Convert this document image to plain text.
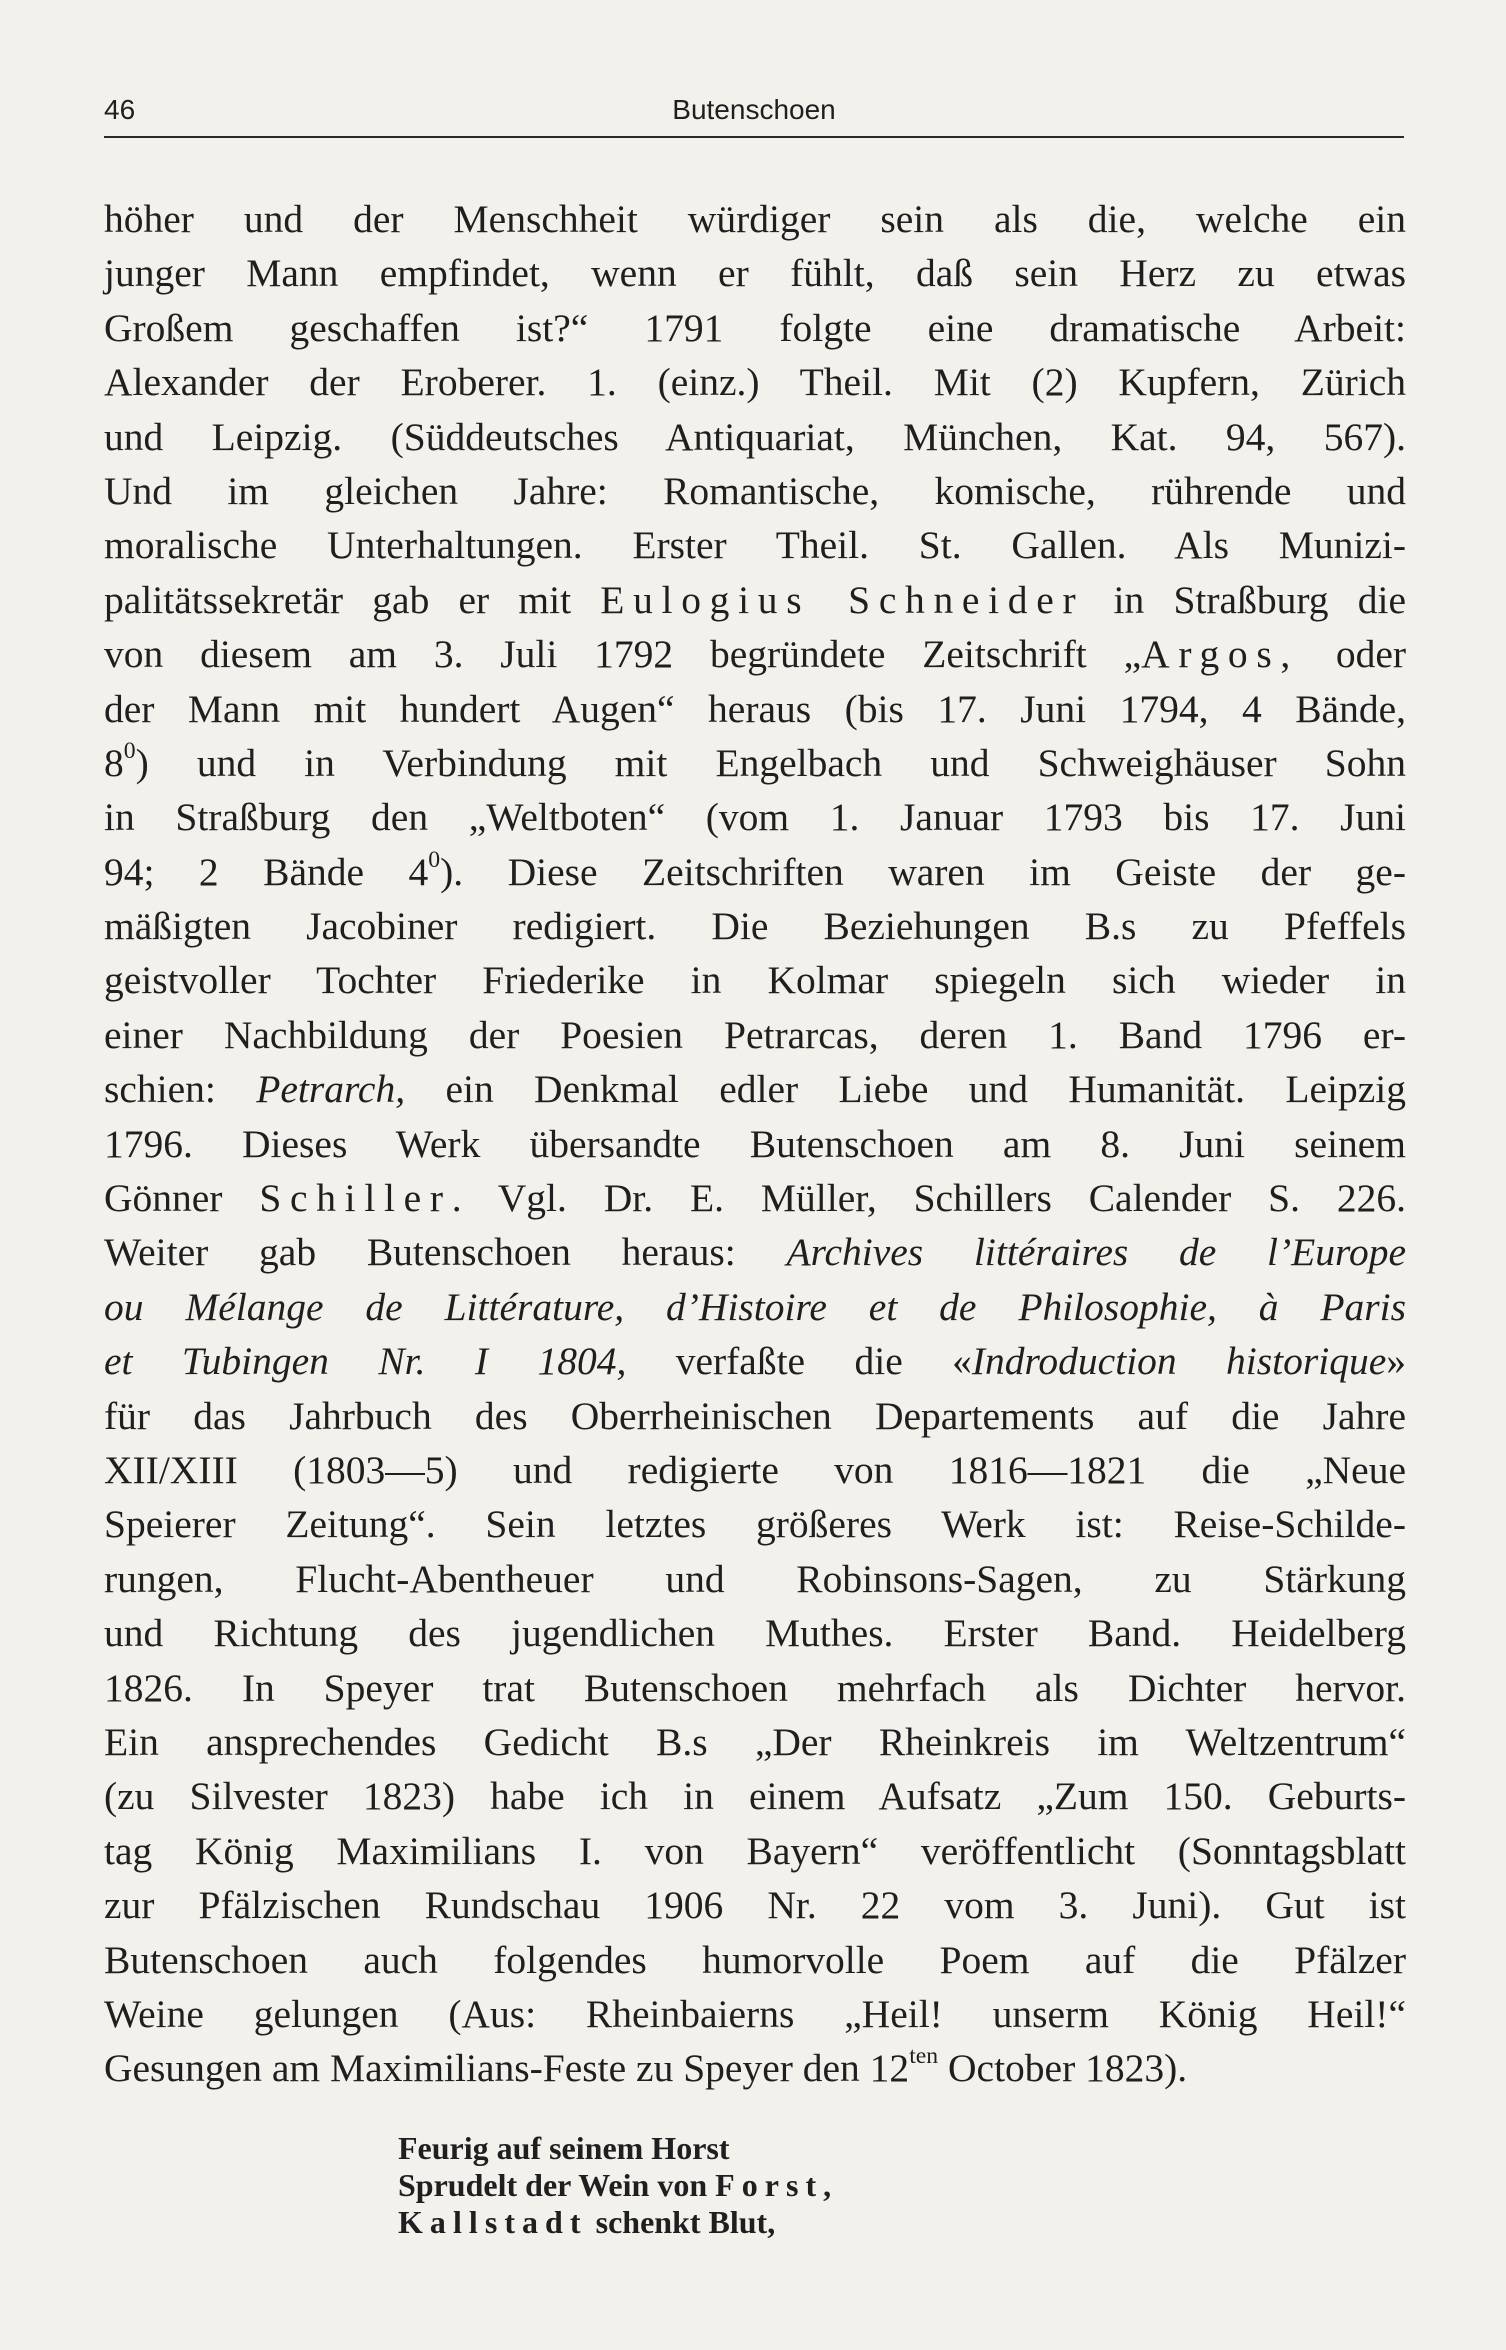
46	Butenschoen
höher und der Menschheit würdiger sein als die, welche ein
junger Mann empfindet, wenn er fühlt, daß sein Herz zu etwas
Großem geschaffen ist?“ 1791 folgte eine dramatische Arbeit:
Alexander der Eroberer. 1. (einz.) Theil. Mit (2) Kupfern, Zürich
und Leipzig. (Süddeutsches Antiquariat, München, Kat. 94, 567).
Und im gleichen Jahre: Romantische, komische, rührende und
moralische Unterhaltungen. Erster Theil. St. Gallen. Als Munizi-
palitätssekretär gab er mit Eulogius Schneider in Straßburg die
von diesem am 3. Juli 1792 begründete Zeitschrift „Argos, oder
der Mann mit hundert Augen“ heraus (bis 17. Juni 1794, 4 Bände,
$8^0$) und in Verbindung mit Engelbach und Schweighäuser Sohn
in Straßburg den „Weltboten“ (vom 1. Januar 1793 bis 17. Juni
94; 2 Bände $4^0$). Diese Zeitschriften waren im Geiste der ge-
mäßigten Jacobiner redigiert. Die Beziehungen B.s zu Pfeffels
geistvoller Tochter Friederike in Kolmar spiegeln sich wieder in
einer Nachbildung der Poesien Petrarcas, deren 1. Band 1796 er-
schien: Petrarch, ein Denkmal edler Liebe und Humanität. Leipzig
1796. Dieses Werk übersandte Butenschoen am 8. Juni seinem
Gönner Schiller. Vgl. Dr. E. Müller, Schillers Calender S. 226.
Weiter gab Butenschoen heraus: Archives littéraires de l’Europe
ou Mélange de Littérature, d’Histoire et de Philosophie, à Paris
et Tubingen Nr. I 1804, verfaßte die «Indroduction historique»
für das Jahrbuch des Oberrheinischen Departements auf die Jahre
XII/XIII (1803—5) und redigierte von 1816—1821 die „Neue
Speierer Zeitung“. Sein letztes größeres Werk ist: Reise-Schilde-
rungen, Flucht-Abentheuer und Robinsons-Sagen, zu Stärkung
und Richtung des jugendlichen Muthes. Erster Band. Heidelberg
1826. In Speyer trat Butenschoen mehrfach als Dichter hervor.
Ein ansprechendes Gedicht B.s „Der Rheinkreis im Weltzentrum“
(zu Silvester 1823) habe ich in einem Aufsatz „Zum 150. Geburts-
tag König Maximilians I. von Bayern“ veröffentlicht (Sonntagsblatt
zur Pfälzischen Rundschau 1906 Nr. 22 vom 3. Juni). Gut ist
Butenschoen auch folgendes humorvolle Poem auf die Pfälzer
Weine gelungen (Aus: Rheinbaierns „Heil! unserm König Heil!“
Gesungen am Maximilians-Feste zu Speyer den $12^{ten}$ October 1823).
Feurig auf seinem Horst
Sprudelt der Wein von Forst,
Kallstadt schenkt Blut,
